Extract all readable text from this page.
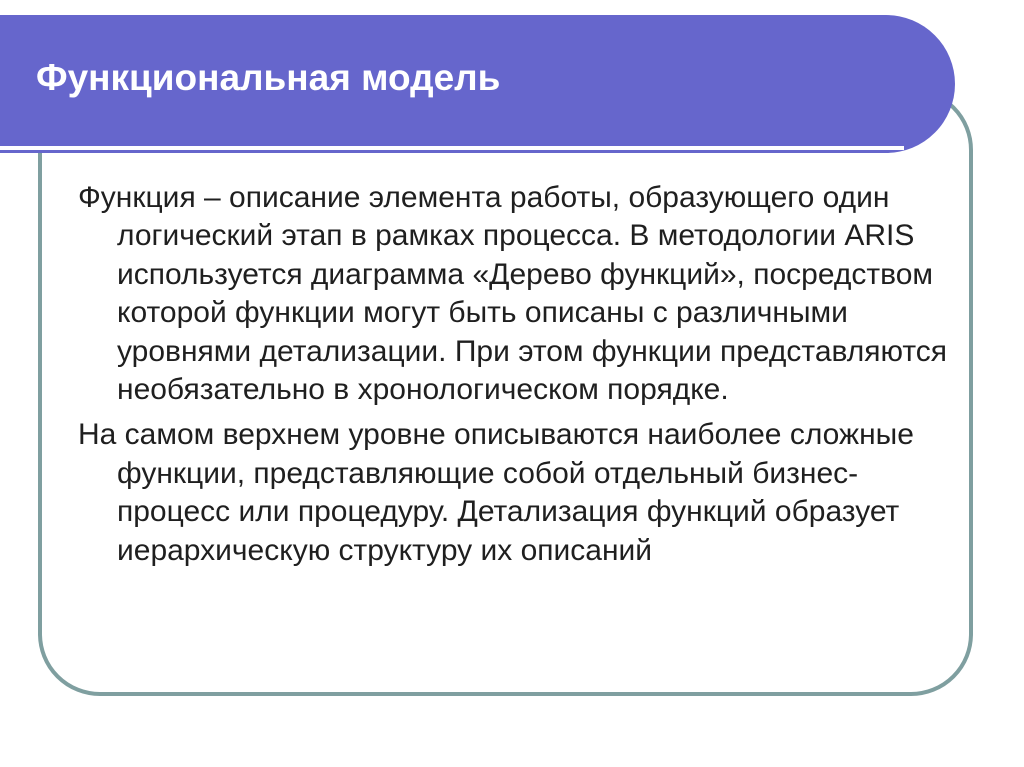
Функциональная модель
Функция – описание элемента работы, образующего один логический этап в рамках процесса. В методологии ARIS используется диаграмма «Дерево функций», посредством которой функции могут быть описаны с различными уровнями детализации. При этом функции представляются необязательно в хронологическом порядке.
На самом верхнем уровне описываются наиболее сложные функции, представляющие собой отдельный бизнес-процесс или процедуру. Детализация функций образует иерархическую структуру их описаний
